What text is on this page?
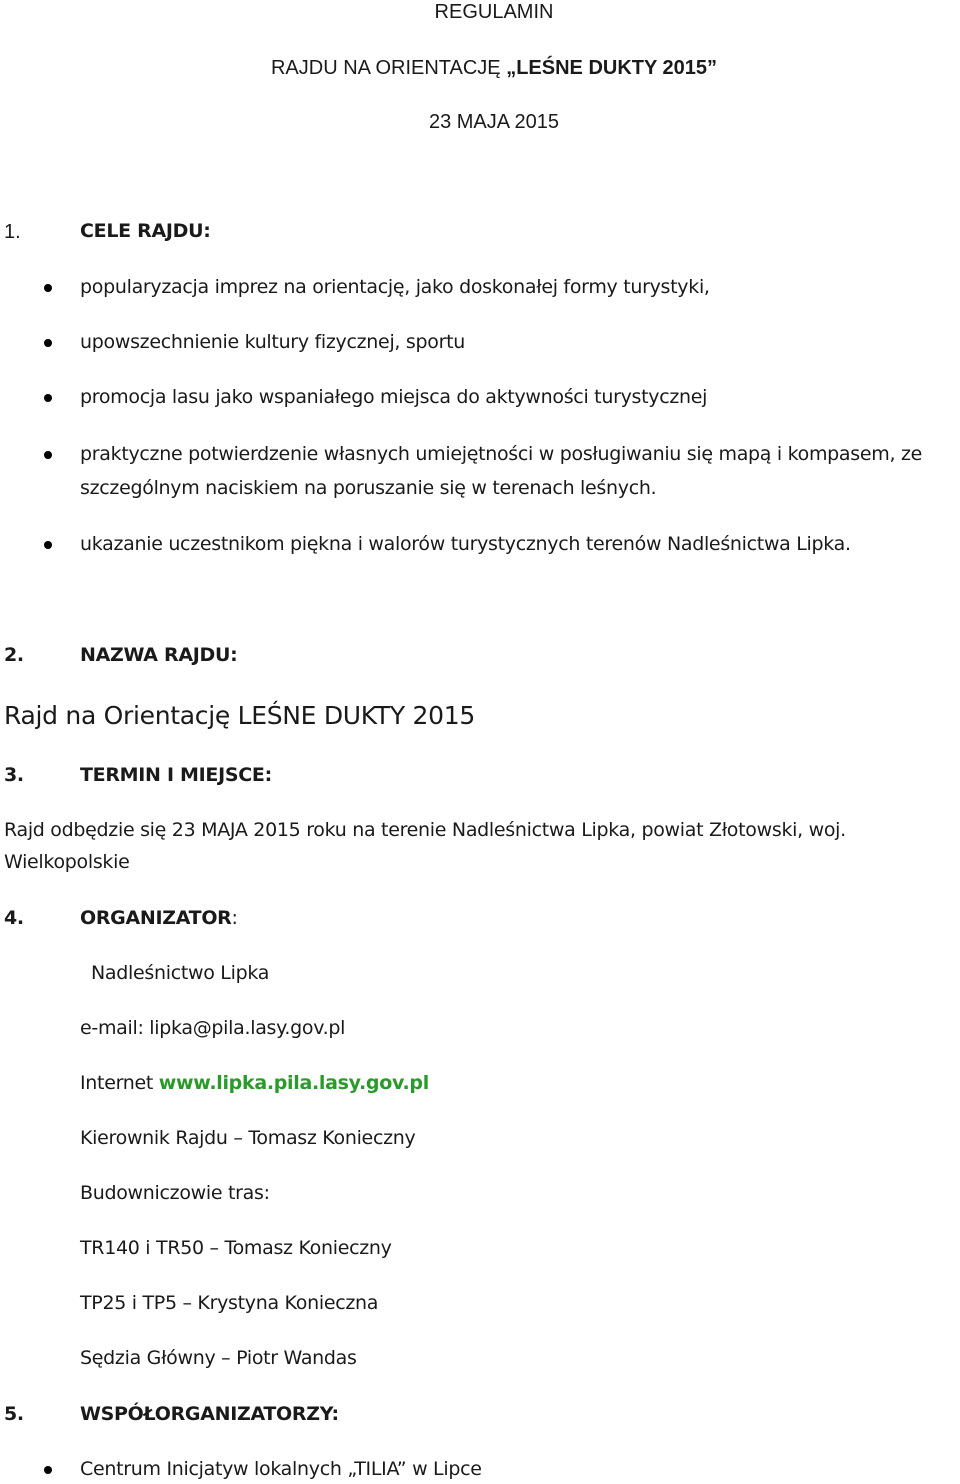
REGULAMIN
RAJDU NA ORIENTACJĘ „LEŚNE DUKTY 2015”
23 MAJA 2015
1.	CELE RAJDU:
popularyzacja imprez na orientację, jako doskonałej formy turystyki,
upowszechnienie kultury fizycznej, sportu
promocja lasu jako wspaniałego miejsca do aktywności turystycznej
praktyczne potwierdzenie własnych umiejętności w posługiwaniu się mapą i kompasem, ze
szczególnym naciskiem na poruszanie się w terenach leśnych.
ukazanie uczestnikom piękna i walorów turystycznych terenów Nadleśnictwa Lipka.
2.	NAZWA RAJDU:
Rajd na Orientację LEŚNE DUKTY 2015
3.	TERMIN I MIEJSCE:
Rajd odbędzie się 23 MAJA 2015 roku na terenie Nadleśnictwa Lipka, powiat Złotowski, woj.
Wielkopolskie
4.	ORGANIZATOR:
Nadleśnictwo Lipka
e-mail: lipka@pila.lasy.gov.pl
Internet www.lipka.pila.lasy.gov.pl
Kierownik Rajdu – Tomasz Konieczny
Budowniczowie tras:
TR140 i TR50 – Tomasz Konieczny
TP25 i TP5 – Krystyna Konieczna
Sędzia Główny – Piotr Wandas
5.	WSPÓŁORGANIZATORZY:
Centrum Inicjatyw lokalnych „TILIA” w Lipce
